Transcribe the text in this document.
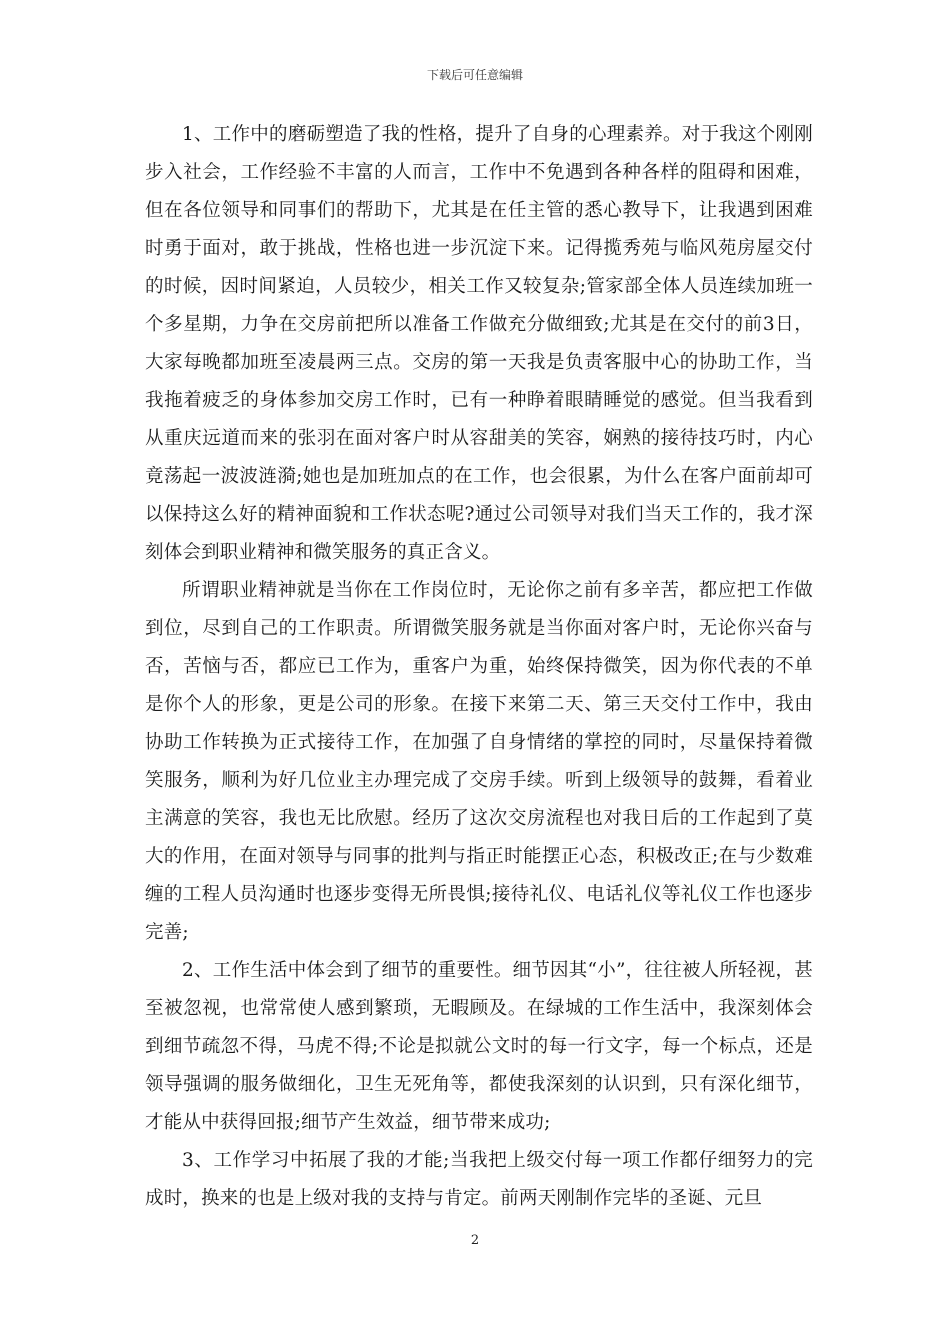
下载后可任意编辑

1、工作中的磨砺塑造了我的性格，提升了自身的心理素养。对于我这个刚刚步入社会，工作经验不丰富的人而言，工作中不免遇到各种各样的阻碍和困难，但在各位领导和同事们的帮助下，尤其是在任主管的悉心教导下，让我遇到困难时勇于面对，敢于挑战，性格也进一步沉淀下来。记得揽秀苑与临风苑房屋交付的时候，因时间紧迫，人员较少，相关工作又较复杂;管家部全体人员连续加班一个多星期，力争在交房前把所以准备工作做充分做细致;尤其是在交付的前3日，大家每晚都加班至凌晨两三点。交房的第一天我是负责客服中心的协助工作，当我拖着疲乏的身体参加交房工作时，已有一种睁着眼睛睡觉的感觉。但当我看到从重庆远道而来的张羽在面对客户时从容甜美的笑容，娴熟的接待技巧时，内心竟荡起一波波涟漪;她也是加班加点的在工作，也会很累，为什么在客户面前却可以保持这么好的精神面貌和工作状态呢?通过公司领导对我们当天工作的，我才深刻体会到职业精神和微笑服务的真正含义。

所谓职业精神就是当你在工作岗位时，无论你之前有多辛苦，都应把工作做到位，尽到自己的工作职责。所谓微笑服务就是当你面对客户时，无论你兴奋与否，苦恼与否，都应已工作为，重客户为重，始终保持微笑，因为你代表的不单是你个人的形象，更是公司的形象。在接下来第二天、第三天交付工作中，我由协助工作转换为正式接待工作，在加强了自身情绪的掌控的同时，尽量保持着微笑服务，顺利为好几位业主办理完成了交房手续。听到上级领导的鼓舞，看着业主满意的笑容，我也无比欣慰。经历了这次交房流程也对我日后的工作起到了莫大的作用，在面对领导与同事的批判与指正时能摆正心态，积极改正;在与少数难缠的工程人员沟通时也逐步变得无所畏惧;接待礼仪、电话礼仪等礼仪工作也逐步完善;

2、工作生活中体会到了细节的重要性。细节因其“小”，往往被人所轻视，甚至被忽视，也常常使人感到繁琐，无暇顾及。在绿城的工作生活中，我深刻体会到细节疏忽不得，马虎不得;不论是拟就公文时的每一行文字，每一个标点，还是领导强调的服务做细化，卫生无死角等，都使我深刻的认识到，只有深化细节，才能从中获得回报;细节产生效益，细节带来成功;

3、工作学习中拓展了我的才能;当我把上级交付每一项工作都仔细努力的完成时，换来的也是上级对我的支持与肯定。前两天刚制作完毕的圣诞、元旦

2
